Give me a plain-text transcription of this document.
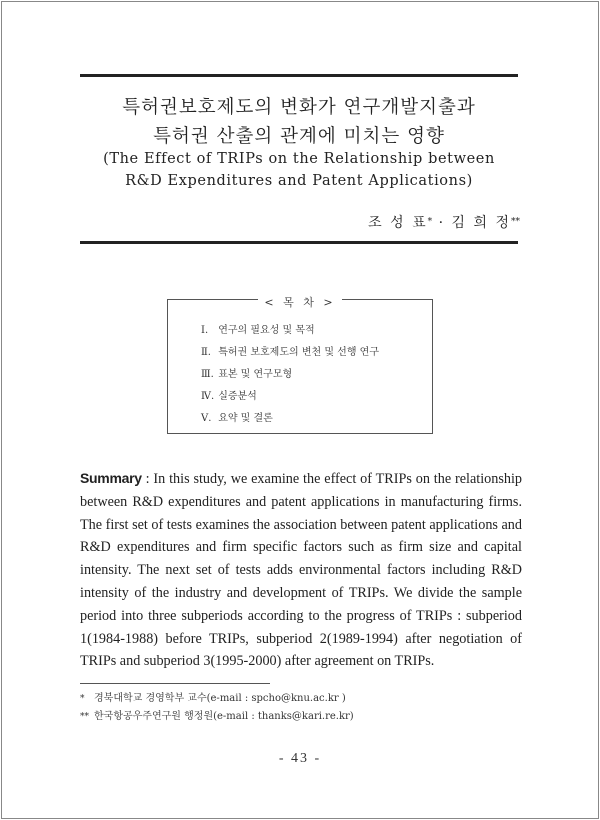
특허권보호제도의 변화가 연구개발지출과
특허권 산출의 관계에 미치는 영향
(The Effect of TRIPs on the Relationship between
R&D Expenditures and Patent Applications)
조 성 표* · 김 희 정**
< 목 차 >
Ⅰ. 연구의 필요성 및 목적
Ⅱ. 특허권 보호제도의 변천 및 선행 연구
Ⅲ. 표본 및 연구모형
Ⅳ. 실증분석
Ⅴ. 요약 및 결론
Summary : In this study, we examine the effect of TRIPs on the relationship between R&D expenditures and patent applications in manufacturing firms. The first set of tests examines the association between patent applications and R&D expenditures and firm specific factors such as firm size and capital intensity. The next set of tests adds environmental factors including R&D intensity of the industry and development of TRIPs. We divide the sample period into three subperiods according to the progress of TRIPs : subperiod 1(1984-1988) before TRIPs, subperiod 2(1989-1994) after negotiation of TRIPs and subperiod 3(1995-2000) after agreement on TRIPs.
* 경북대학교 경영학부 교수(e-mail : spcho@knu.ac.kr )
** 한국항공우주연구원 행정원(e-mail : thanks@kari.re.kr)
- 43 -
